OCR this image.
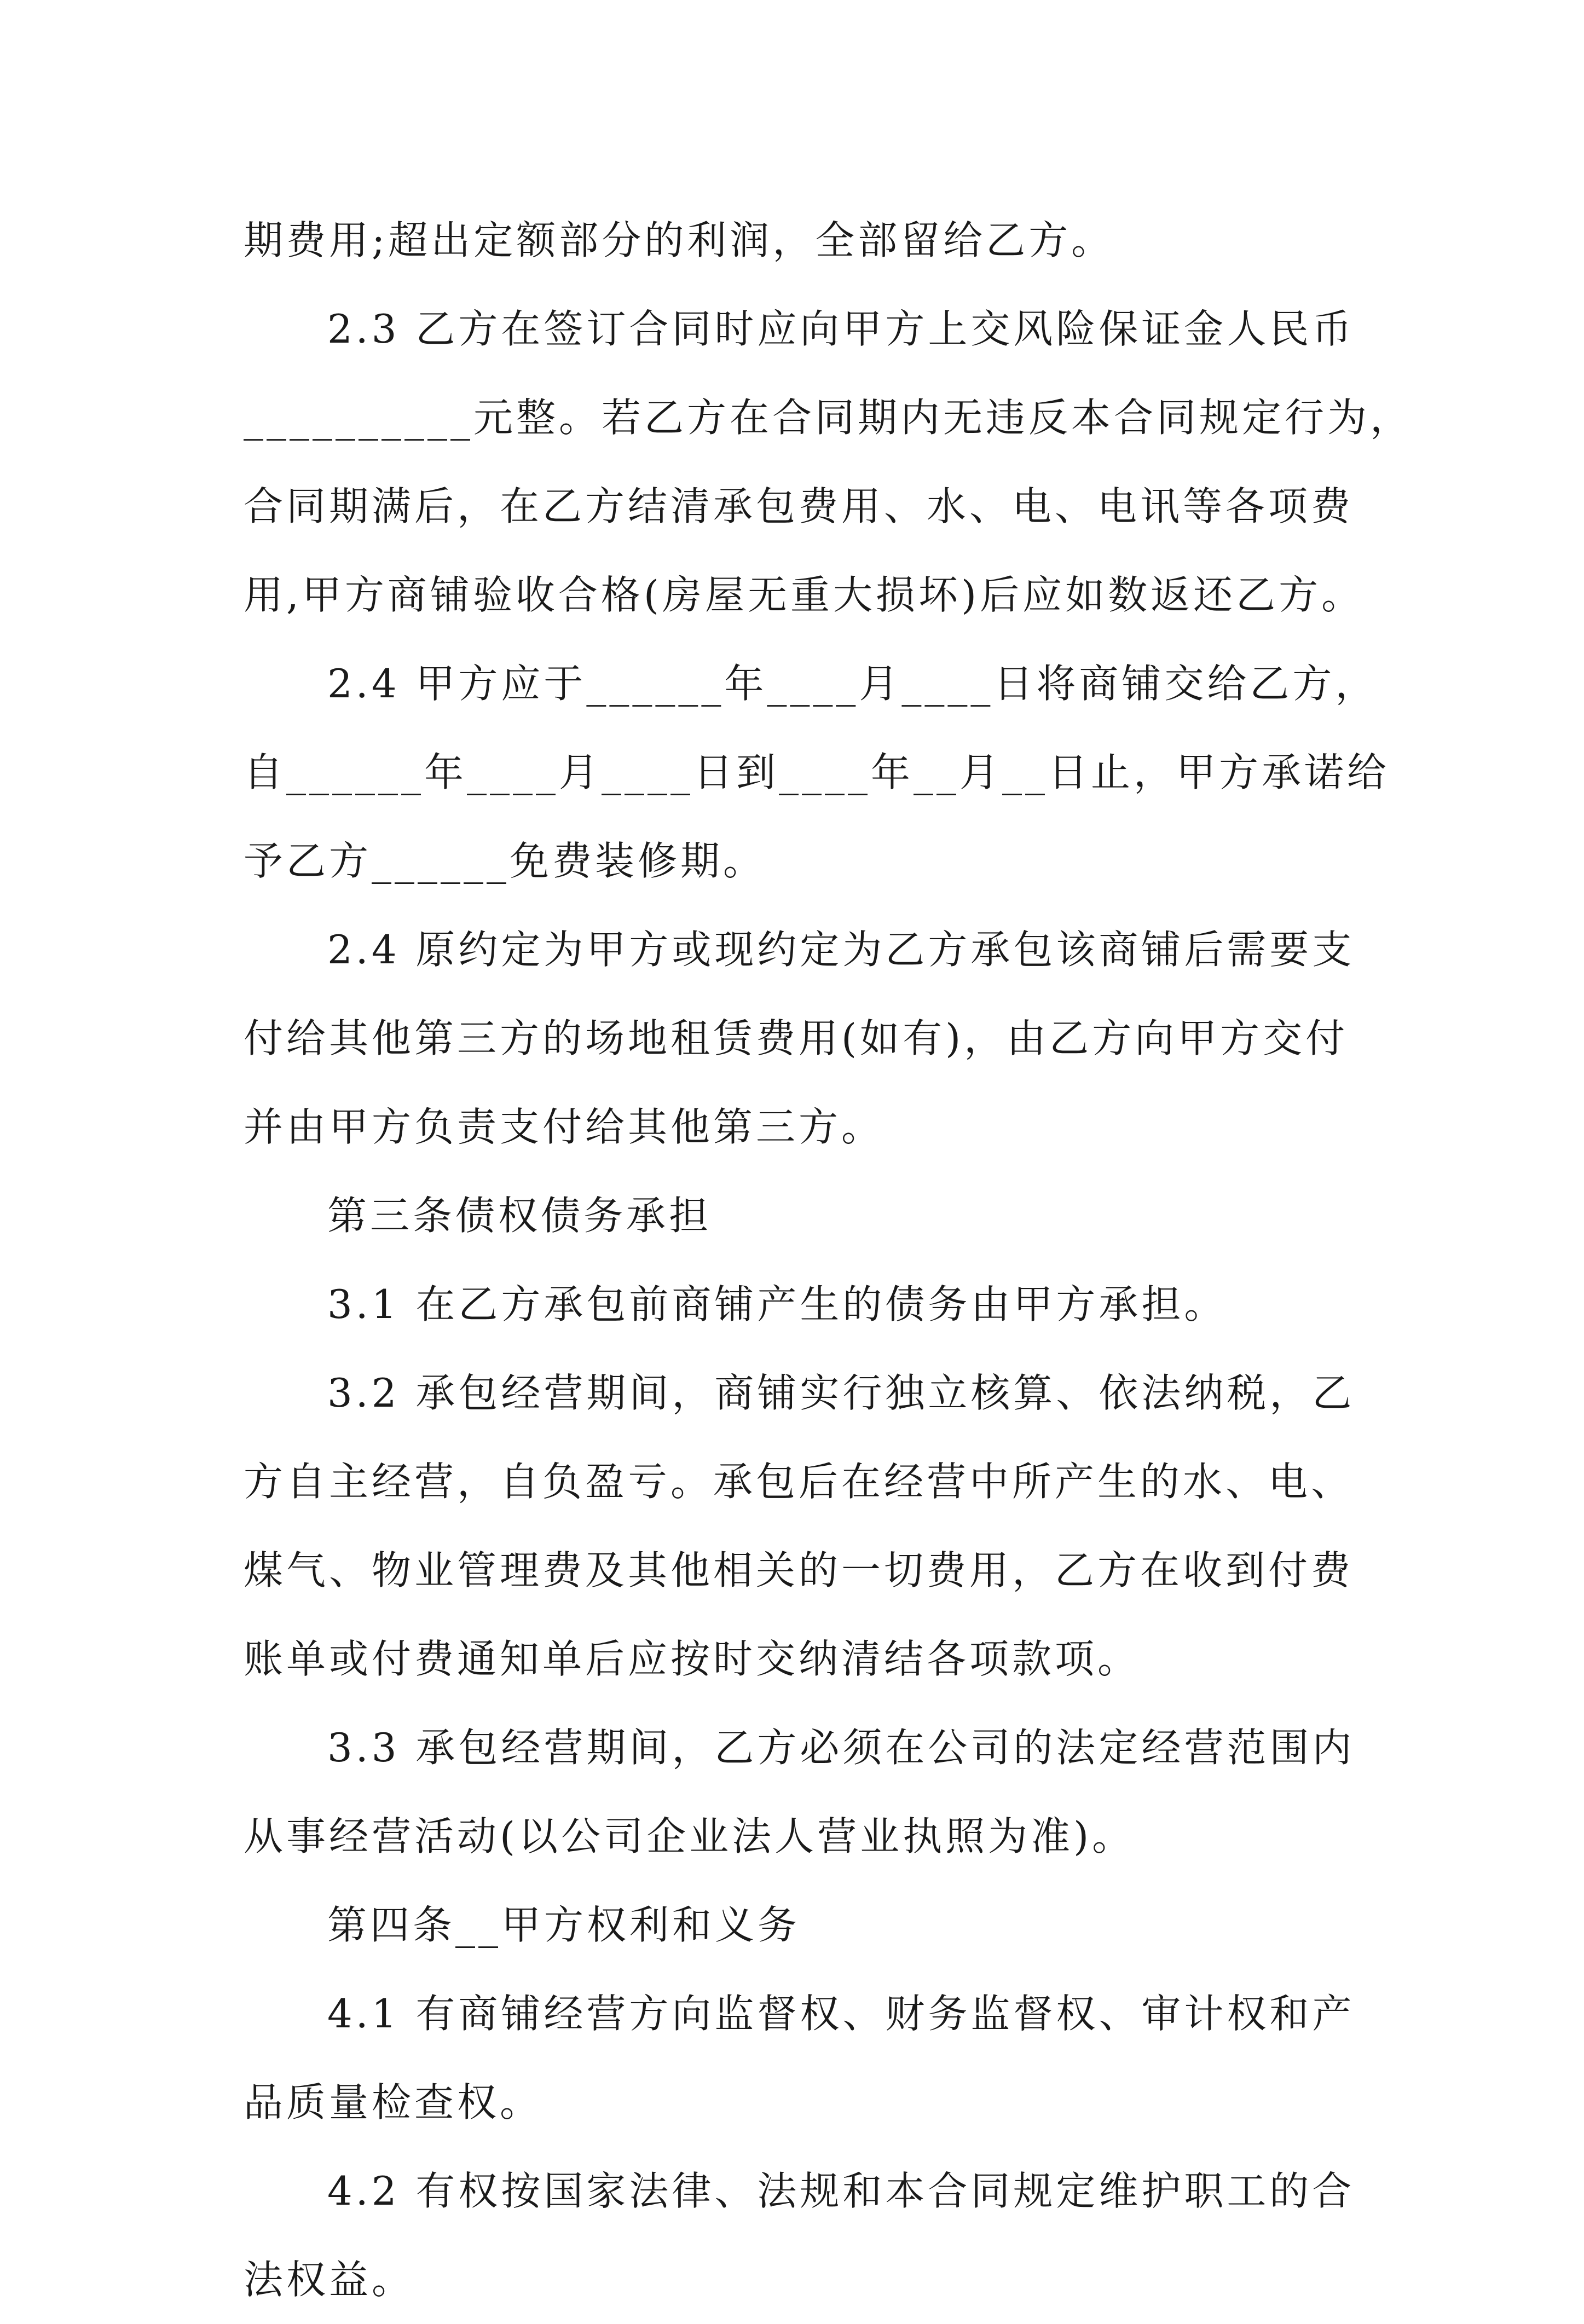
期费用;超出定额部分的利润，全部留给乙方。
2.3 乙方在签订合同时应向甲方上交风险保证金人民币
__________元整。若乙方在合同期内无违反本合同规定行为，
合同期满后，在乙方结清承包费用、水、电、电讯等各项费
用,甲方商铺验收合格(房屋无重大损坏)后应如数返还乙方。
2.4 甲方应于______年____月____日将商铺交给乙方，
自______年____月____日到____年__月__日止，甲方承诺给
予乙方______免费装修期。
2.4 原约定为甲方或现约定为乙方承包该商铺后需要支
付给其他第三方的场地租赁费用(如有)，由乙方向甲方交付
并由甲方负责支付给其他第三方。
第三条债权债务承担
3.1 在乙方承包前商铺产生的债务由甲方承担。
3.2 承包经营期间，商铺实行独立核算、依法纳税，乙
方自主经营，自负盈亏。承包后在经营中所产生的水、电、
煤气、物业管理费及其他相关的一切费用，乙方在收到付费
账单或付费通知单后应按时交纳清结各项款项。
3.3 承包经营期间，乙方必须在公司的法定经营范围内
从事经营活动(以公司企业法人营业执照为准)。
第四条__甲方权利和义务
4.1 有商铺经营方向监督权、财务监督权、审计权和产
品质量检查权。
4.2 有权按国家法律、法规和本合同规定维护职工的合
法权益。
